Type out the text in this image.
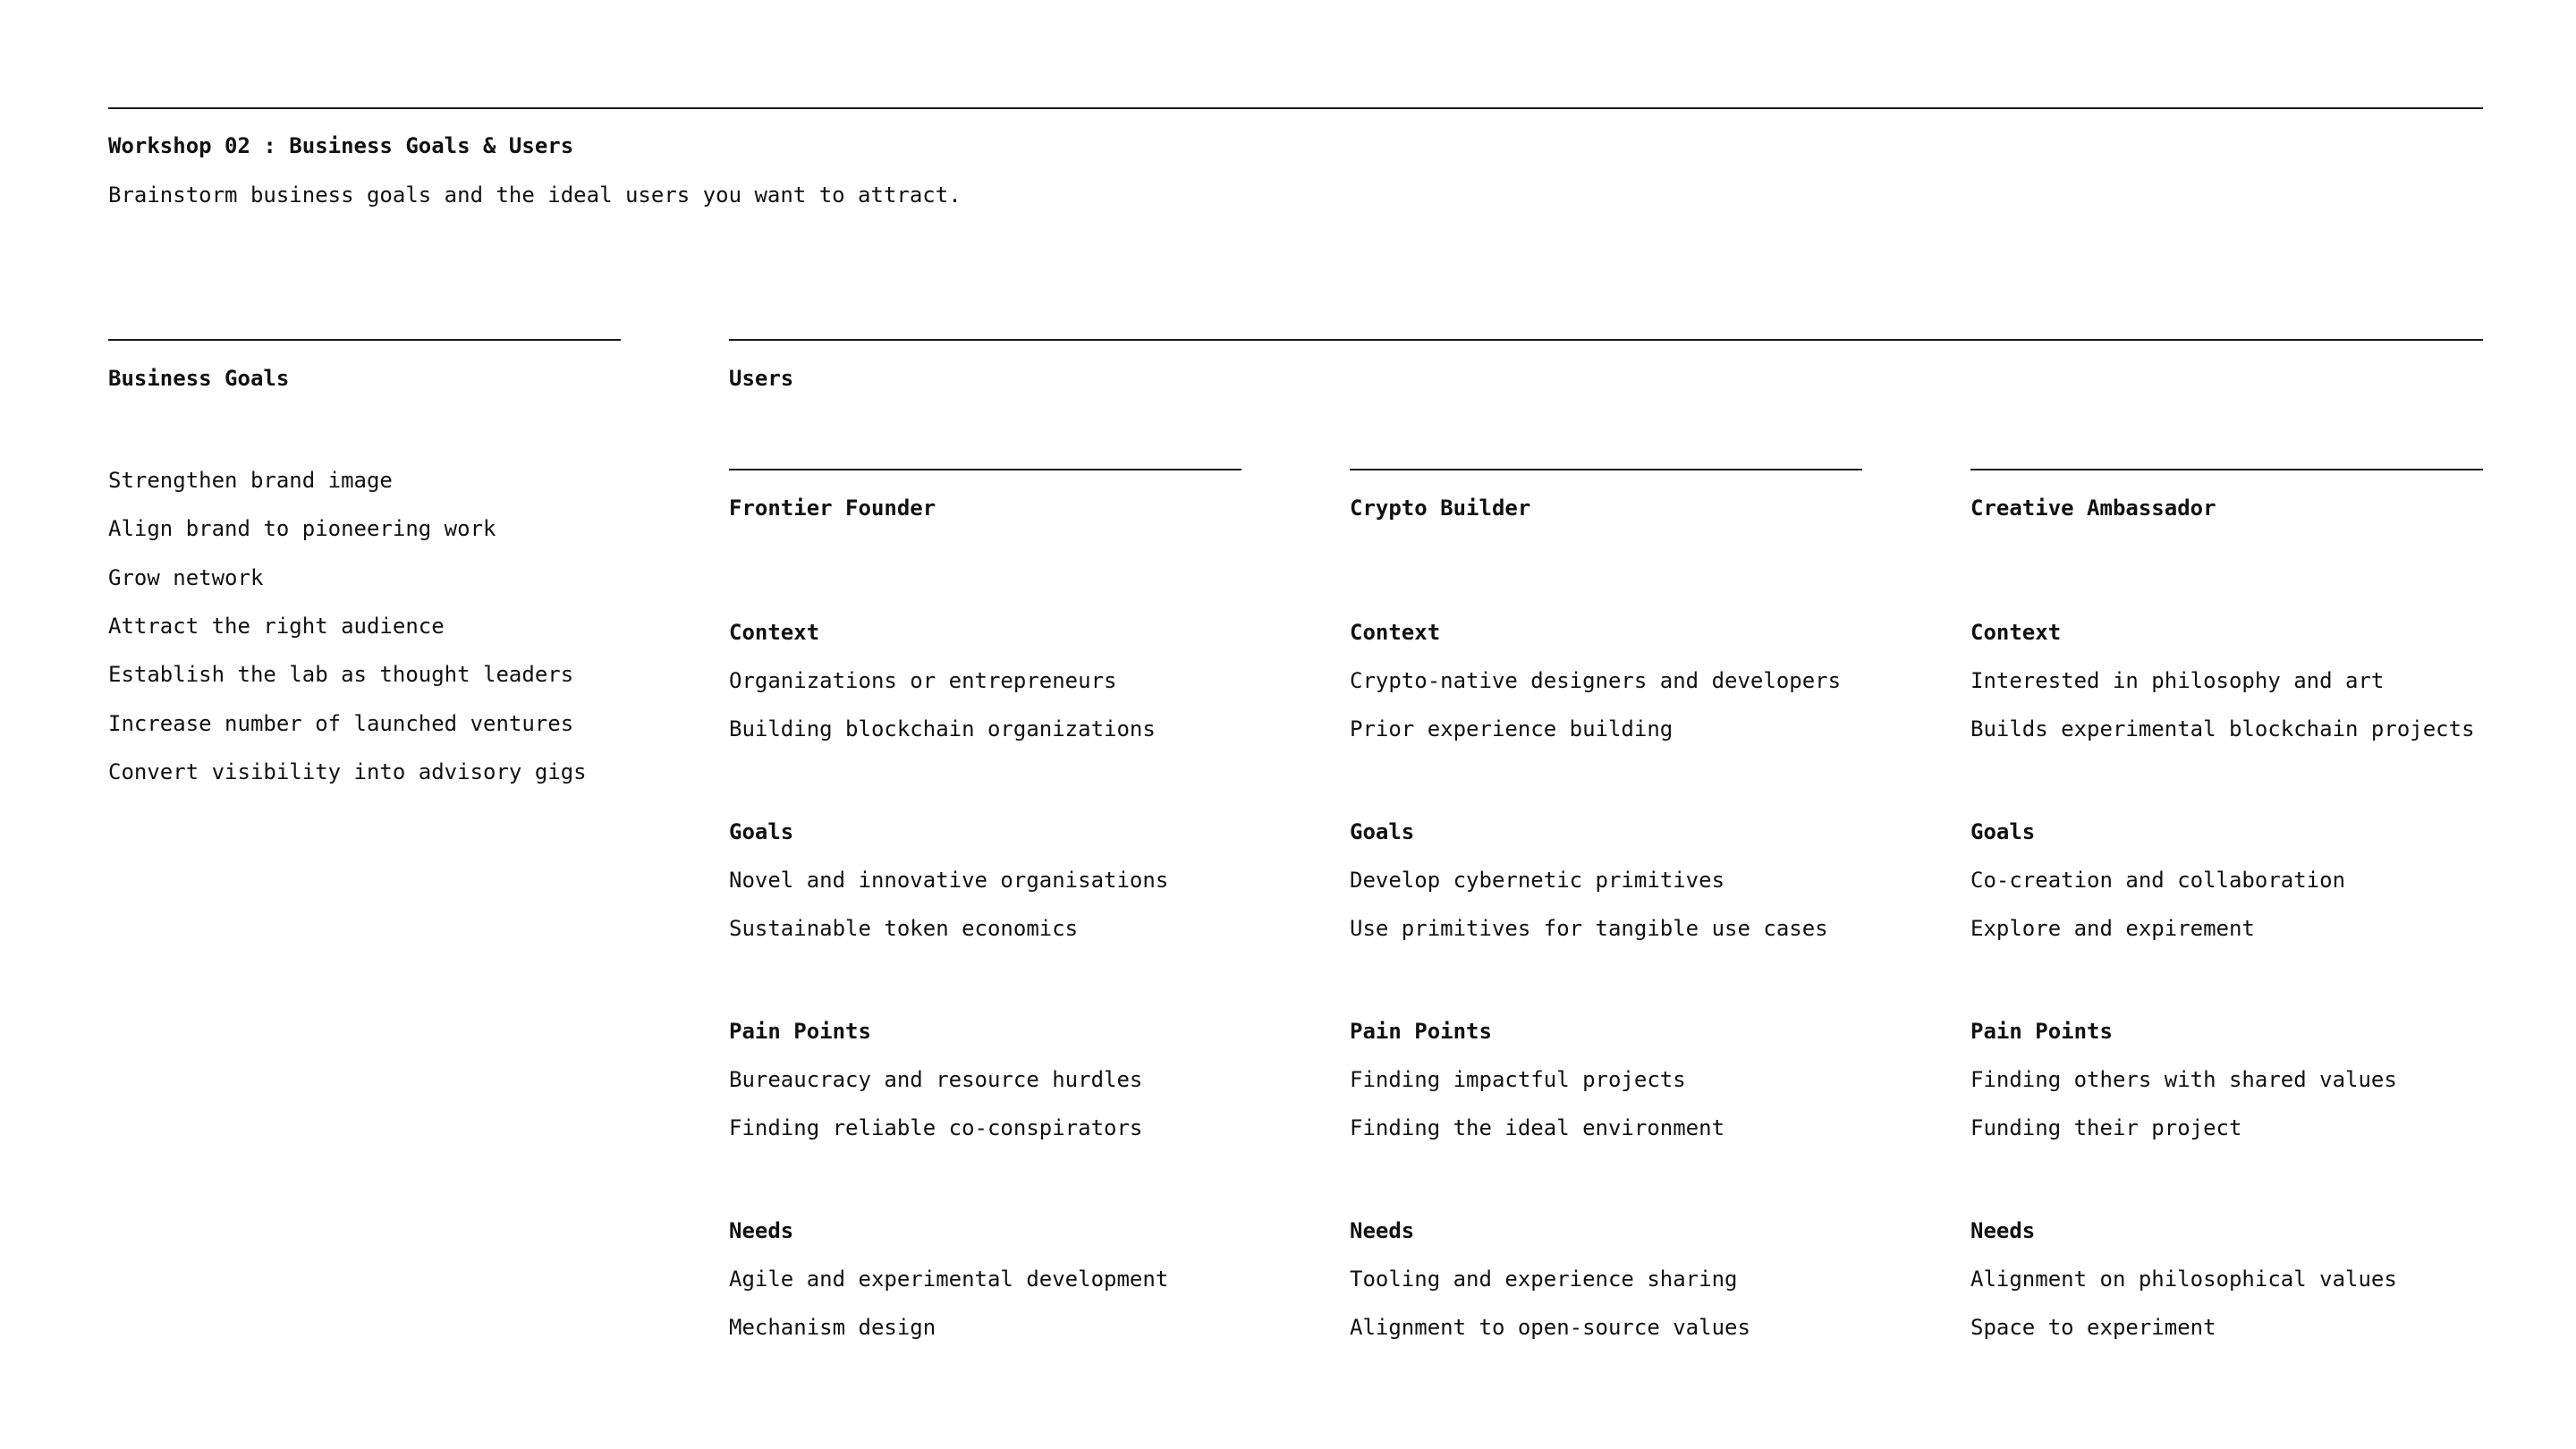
Workshop 02 : Business Goals & Users

Brainstorm business goals and the ideal users you want to attract.

Business Goals

Strengthen brand image

Align brand to pioneering work

Grow network

Attract the right audience

Establish the lab as thought leaders

Increase number of launched ventures

Convert visibility into advisory gigs

Users

Frontier Founder

Context

Organizations or entrepreneurs

Building blockchain organizations

Goals

Novel and innovative organisations

Sustainable token economics

Pain Points

Bureaucracy and resource hurdles

Finding reliable co-conspirators

Needs

Agile and experimental development

Mechanism design

Crypto Builder

Context

Crypto-native designers and developers

Prior experience building

Goals

Develop cybernetic primitives

Use primitives for tangible use cases

Pain Points

Finding impactful projects

Finding the ideal environment

Needs

Tooling and experience sharing

Alignment to open-source values

Creative Ambassador

Context

Interested in philosophy and art

Builds experimental blockchain projects

Goals

Co-creation and collaboration

Explore and expirement

Pain Points

Finding others with shared values

Funding their project

Needs

Alignment on philosophical values

Space to experiment
